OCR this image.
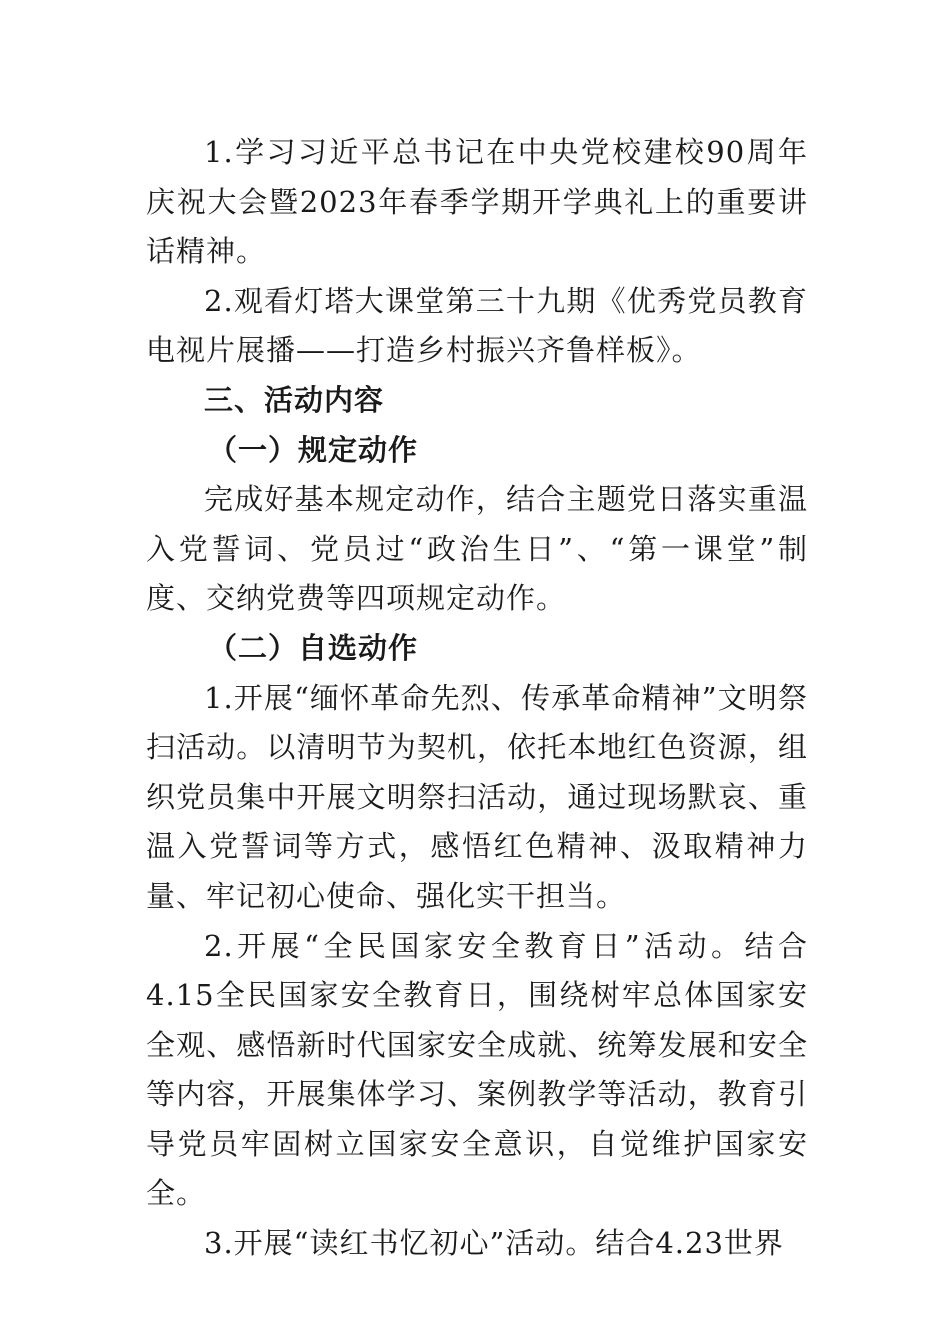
1.学习习近平总书记在中央党校建校90周年庆祝大会暨2023年春季学期开学典礼上的重要讲话精神。

2.观看灯塔大课堂第三十九期《优秀党员教育电视片展播——打造乡村振兴齐鲁样板》。

三、活动内容

（一）规定动作

完成好基本规定动作，结合主题党日落实重温入党誓词、党员过“政治生日”、“第一课堂”制度、交纳党费等四项规定动作。

（二）自选动作

1.开展“缅怀革命先烈、传承革命精神”文明祭扫活动。以清明节为契机，依托本地红色资源，组织党员集中开展文明祭扫活动，通过现场默哀、重温入党誓词等方式，感悟红色精神、汲取精神力量、牢记初心使命、强化实干担当。

2.开展“全民国家安全教育日”活动。结合4.15全民国家安全教育日，围绕树牢总体国家安全观、感悟新时代国家安全成就、统筹发展和安全等内容，开展集体学习、案例教学等活动，教育引导党员牢固树立国家安全意识，自觉维护国家安全。

3.开展“读红书忆初心”活动。结合4.23世界
